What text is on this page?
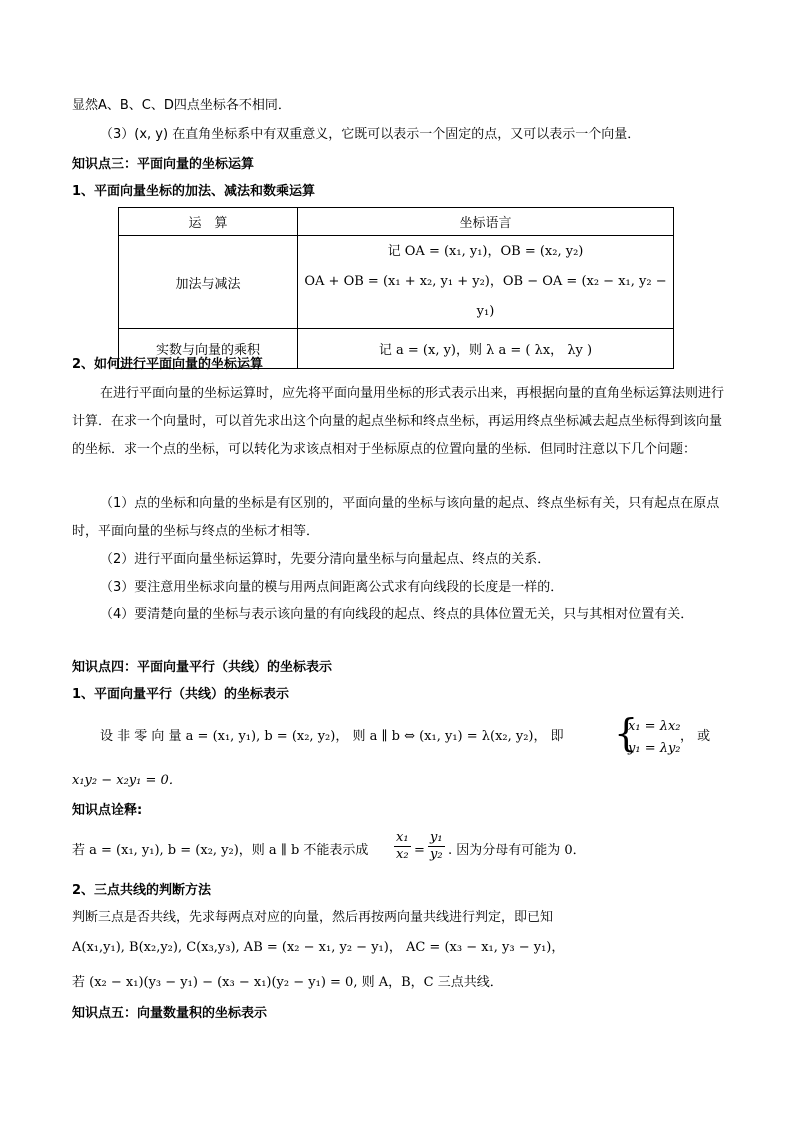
显然A、B、C、D四点坐标各不相同．
（3）(x, y) 在直角坐标系中有双重意义，它既可以表示一个固定的点，又可以表示一个向量．
知识点三：平面向量的坐标运算
1、平面向量坐标的加法、减法和数乘运算
运　算	坐标语言
加法与减法	记 OA = (x₁, y₁)，OB = (x₂, y₂)
OA + OB = (x₁ + x₂, y₁ + y₂)，OB − OA = (x₂ − x₁, y₂ − y₁)

实数与向量的乘积	记 a = (x, y)，则 λ a = ( λx， λy )
2、如何进行平面向量的坐标运算
在进行平面向量的坐标运算时，应先将平面向量用坐标的形式表示出来，再根据向量的直角坐标运算法则进行计算．在求一个向量时，可以首先求出这个向量的起点坐标和终点坐标，再运用终点坐标减去起点坐标得到该向量的坐标．求一个点的坐标，可以转化为求该点相对于坐标原点的位置向量的坐标．但同时注意以下几个问题：
（1）点的坐标和向量的坐标是有区别的，平面向量的坐标与该向量的起点、终点坐标有关，只有起点在原点时，平面向量的坐标与终点的坐标才相等．
（2）进行平面向量坐标运算时，先要分清向量坐标与向量起点、终点的关系．
（3）要注意用坐标求向量的模与用两点间距离公式求有向线段的长度是一样的．
（4）要清楚向量的坐标与表示该向量的有向线段的起点、终点的具体位置无关，只与其相对位置有关．
知识点四：平面向量平行（共线）的坐标表示
1、平面向量平行（共线）的坐标表示
设 非 零 向 量 a = (x₁, y₁), b = (x₂, y₂)， 则 a ∥ b ⇔ (x₁, y₁) = λ(x₂, y₂)， 即 {
x₁ = λx₂
y₁ = λy₂
， 或
x₁y₂ − x₂y₁ = 0．
知识点诠释:
若 a = (x₁, y₁), b = (x₂, y₂)，则 a ∥ b 不能表示成 $\frac{\text{x₁}}{\text{x₂}} = \frac{\text{y₁}}{\text{y₂}}$ . 因为分母有可能为 0．
2、三点共线的判断方法
判断三点是否共线，先求每两点对应的向量，然后再按两向量共线进行判定，即已知
A(x₁,y₁), B(x₂,y₂), C(x₃,y₃), AB = (x₂ − x₁, y₂ − y₁)， AC = (x₃ − x₁, y₃ − y₁)，
若 (x₂ − x₁)(y₃ − y₁) − (x₃ − x₁)(y₂ − y₁) = 0, 则 A，B，C 三点共线．
知识点五：向量数量积的坐标表示
